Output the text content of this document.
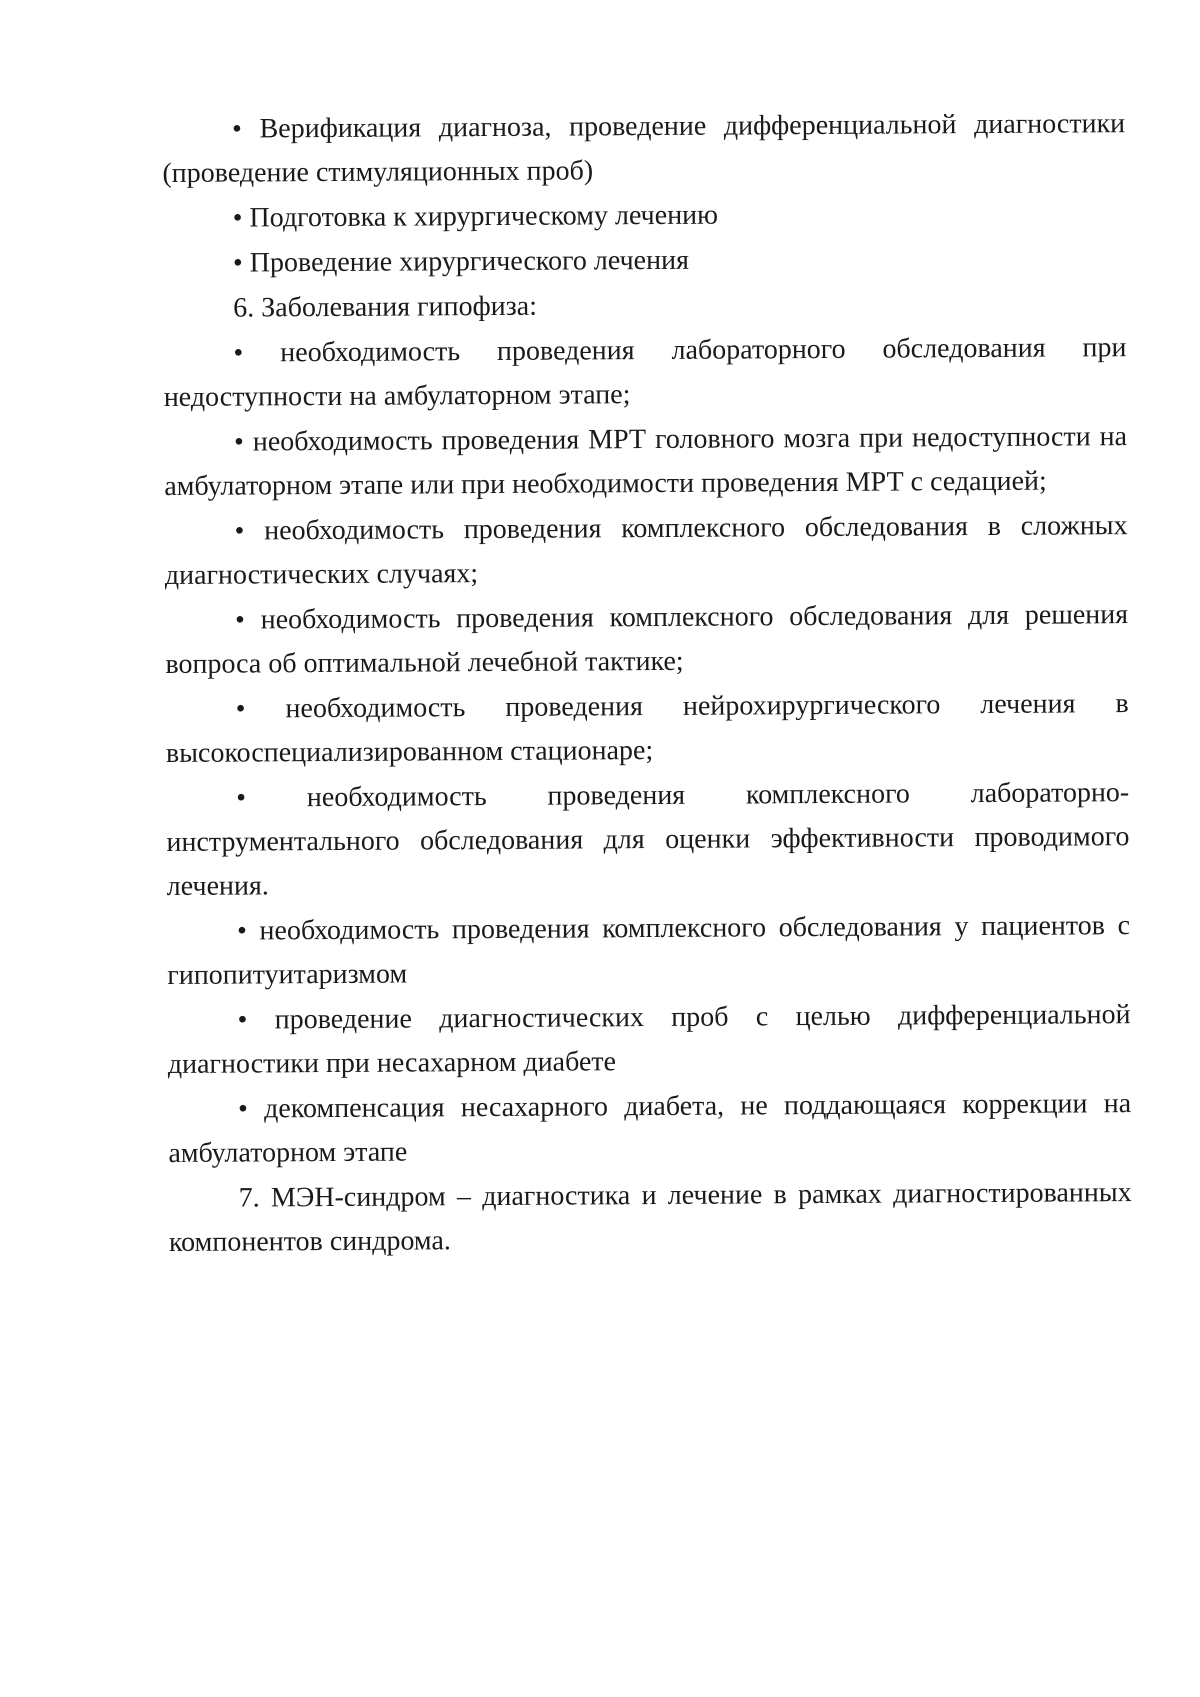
• Верификация диагноза, проведение дифференциальной диагностики (проведение стимуляционных проб)

• Подготовка к хирургическому лечению

• Проведение хирургического лечения

6. Заболевания гипофиза:

• необходимость проведения лабораторного обследования при недоступности на амбулаторном этапе;

• необходимость проведения МРТ головного мозга при недоступности на амбулаторном этапе или при необходимости проведения МРТ с седацией;

• необходимость проведения комплексного обследования в сложных диагностических случаях;

• необходимость проведения комплексного обследования для решения вопроса об оптимальной лечебной тактике;

• необходимость проведения нейрохирургического лечения в высокоспециализированном стационаре;

• необходимость проведения комплексного лабораторно-инструментального обследования для оценки эффективности проводимого лечения.

• необходимость проведения комплексного обследования у пациентов с гипопитуитаризмом

• проведение диагностических проб с целью дифференциальной диагностики при несахарном диабете

• декомпенсация несахарного диабета, не поддающаяся коррекции на амбулаторном этапе

7. МЭН-синдром – диагностика и лечение в рамках диагностированных компонентов синдрома.
